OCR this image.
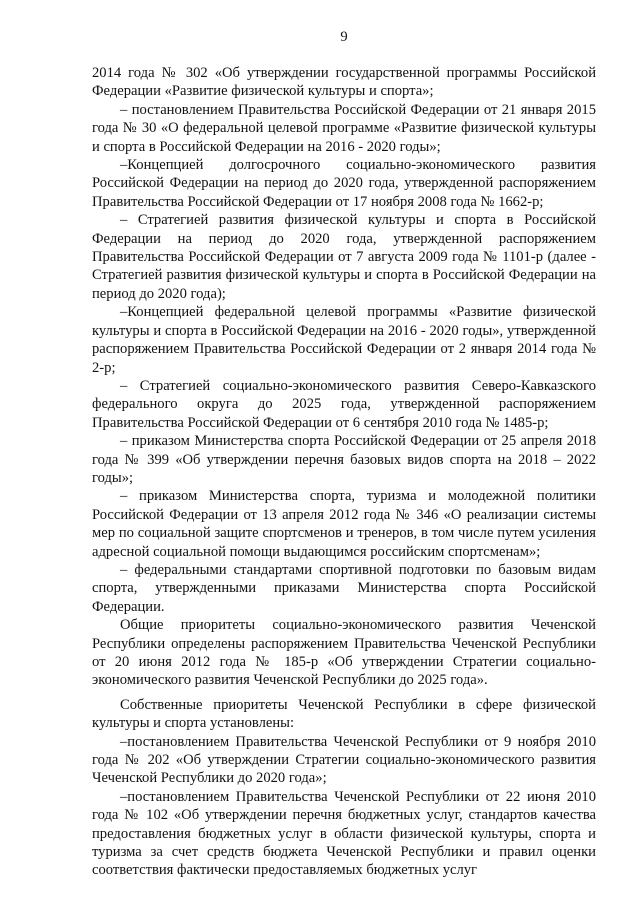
9

2014 года № 302 «Об утверждении государственной программы Российской Федерации «Развитие физической культуры и спорта»;

– постановлением Правительства Российской Федерации от 21 января 2015 года № 30 «О федеральной целевой программе «Развитие физической культуры и спорта в Российской Федерации на 2016 - 2020 годы»;

–Концепцией долгосрочного социально-экономического развития Российской Федерации на период до 2020 года, утвержденной распоряжением Правительства Российской Федерации от 17 ноября 2008 года № 1662-р;

– Стратегией развития физической культуры и спорта в Российской Федерации на период до 2020 года, утвержденной распоряжением Правительства Российской Федерации от 7 августа 2009 года № 1101-р (далее - Стратегией развития физической культуры и спорта в Российской Федерации на период до 2020 года);

–Концепцией федеральной целевой программы «Развитие физической культуры и спорта в Российской Федерации на 2016 - 2020 годы», утвержденной распоряжением Правительства Российской Федерации от 2 января 2014 года № 2-р;

– Стратегией социально-экономического развития Северо-Кавказского федерального округа до 2025 года, утвержденной распоряжением Правительства Российской Федерации от 6 сентября 2010 года № 1485-р;

– приказом Министерства спорта Российской Федерации от 25 апреля 2018 года № 399 «Об утверждении перечня базовых видов спорта на 2018 – 2022 годы»;

– приказом Министерства спорта, туризма и молодежной политики Российской Федерации от 13 апреля 2012 года № 346 «О реализации системы мер по социальной защите спортсменов и тренеров, в том числе путем усиления адресной социальной помощи выдающимся российским спортсменам»;

– федеральными стандартами спортивной подготовки по базовым видам спорта, утвержденными приказами Министерства спорта Российской Федерации.

Общие приоритеты социально-экономического развития Чеченской Республики определены распоряжением Правительства Чеченской Республики от 20 июня 2012 года № 185-р «Об утверждении Стратегии социально-экономического развития Чеченской Республики до 2025 года».

Собственные приоритеты Чеченской Республики в сфере физической культуры и спорта установлены:

–постановлением Правительства Чеченской Республики от 9 ноября 2010 года № 202 «Об утверждении Стратегии социально-экономического развития Чеченской Республики до 2020 года»;

–постановлением Правительства Чеченской Республики от 22 июня 2010 года № 102 «Об утверждении перечня бюджетных услуг, стандартов качества предоставления бюджетных услуг в области физической культуры, спорта и туризма за счет средств бюджета Чеченской Республики и правил оценки соответствия фактически предоставляемых бюджетных услуг
